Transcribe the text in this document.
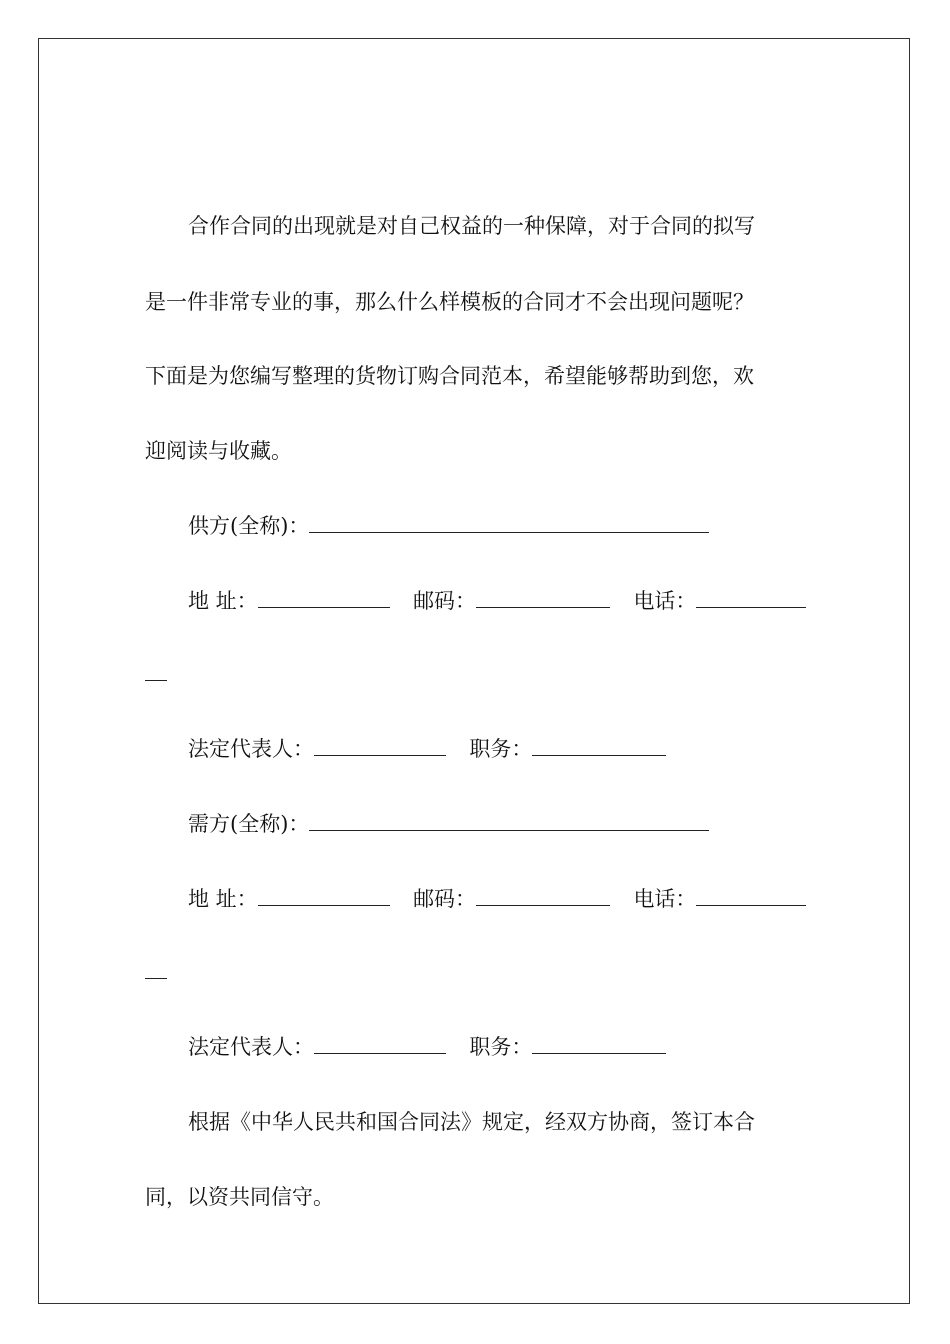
合作合同的出现就是对自己权益的一种保障，对于合同的拟写
是一件非常专业的事，那么什么样模板的合同才不会出现问题呢？
下面是为您编写整理的货物订购合同范本，希望能够帮助到您，欢
迎阅读与收藏。
供方(全称)：
地 址：	邮码：	电话：
法定代表人：	职务：
需方(全称)：
地 址：	邮码：	电话：
法定代表人：	职务：
根据《中华人民共和国合同法》规定，经双方协商，签订本合
同，以资共同信守。
